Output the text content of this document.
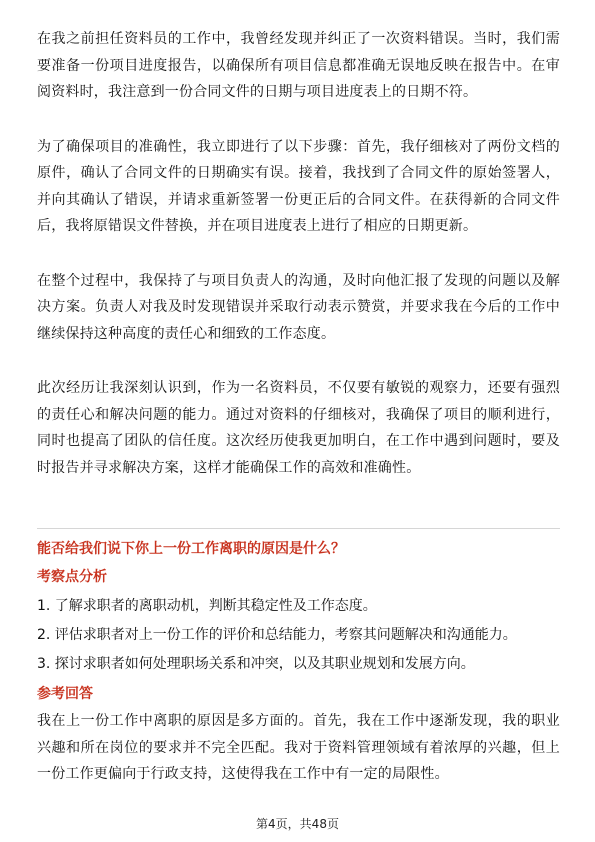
在我之前担任资料员的工作中，我曾经发现并纠正了一次资料错误。当时，我们需要准备一份项目进度报告，以确保所有项目信息都准确无误地反映在报告中。在审阅资料时，我注意到一份合同文件的日期与项目进度表上的日期不符。

为了确保项目的准确性，我立即进行了以下步骤：首先，我仔细核对了两份文档的原件，确认了合同文件的日期确实有误。接着，我找到了合同文件的原始签署人，并向其确认了错误，并请求重新签署一份更正后的合同文件。在获得新的合同文件后，我将原错误文件替换，并在项目进度表上进行了相应的日期更新。

在整个过程中，我保持了与项目负责人的沟通，及时向他汇报了发现的问题以及解决方案。负责人对我及时发现错误并采取行动表示赞赏，并要求我在今后的工作中继续保持这种高度的责任心和细致的工作态度。

此次经历让我深刻认识到，作为一名资料员，不仅要有敏锐的观察力，还要有强烈的责任心和解决问题的能力。通过对资料的仔细核对，我确保了项目的顺利进行，同时也提高了团队的信任度。这次经历使我更加明白，在工作中遇到问题时，要及时报告并寻求解决方案，这样才能确保工作的高效和准确性。

能否给我们说下你上一份工作离职的原因是什么？
考察点分析
1. 了解求职者的离职动机，判断其稳定性及工作态度。
2. 评估求职者对上一份工作的评价和总结能力，考察其问题解决和沟通能力。
3. 探讨求职者如何处理职场关系和冲突，以及其职业规划和发展方向。
参考回答

我在上一份工作中离职的原因是多方面的。首先，我在工作中逐渐发现，我的职业兴趣和所在岗位的要求并不完全匹配。我对于资料管理领域有着浓厚的兴趣，但上一份工作更偏向于行政支持，这使得我在工作中有一定的局限性。

第4页，共48页
